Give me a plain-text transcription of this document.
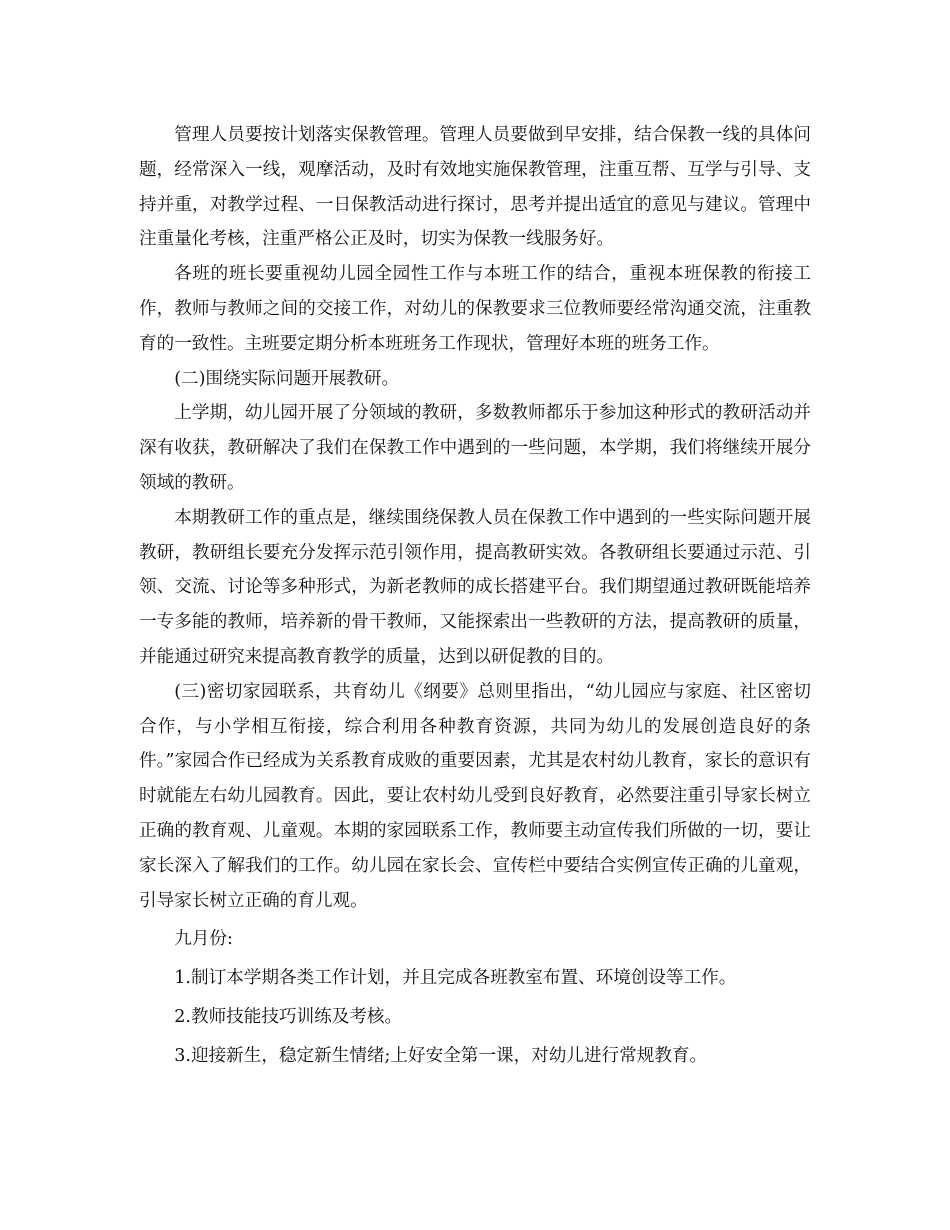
管理人员要按计划落实保教管理。管理人员要做到早安排，结合保教一线的具体问题，经常深入一线，观摩活动，及时有效地实施保教管理，注重互帮、互学与引导、支持并重，对教学过程、一日保教活动进行探讨，思考并提出适宜的意见与建议。管理中注重量化考核，注重严格公正及时，切实为保教一线服务好。

各班的班长要重视幼儿园全园性工作与本班工作的结合，重视本班保教的衔接工作，教师与教师之间的交接工作，对幼儿的保教要求三位教师要经常沟通交流，注重教育的一致性。主班要定期分析本班班务工作现状，管理好本班的班务工作。

(二)围绕实际问题开展教研。

上学期，幼儿园开展了分领域的教研，多数教师都乐于参加这种形式的教研活动并深有收获，教研解决了我们在保教工作中遇到的一些问题，本学期，我们将继续开展分领域的教研。

本期教研工作的重点是，继续围绕保教人员在保教工作中遇到的一些实际问题开展教研，教研组长要充分发挥示范引领作用，提高教研实效。各教研组长要通过示范、引领、交流、讨论等多种形式，为新老教师的成长搭建平台。我们期望通过教研既能培养一专多能的教师，培养新的骨干教师，又能探索出一些教研的方法，提高教研的质量，并能通过研究来提高教育教学的质量，达到以研促教的目的。

(三)密切家园联系，共育幼儿《纲要》总则里指出，“幼儿园应与家庭、社区密切合作，与小学相互衔接，综合利用各种教育资源，共同为幼儿的发展创造良好的条件。”家园合作已经成为关系教育成败的重要因素，尤其是农村幼儿教育，家长的意识有时就能左右幼儿园教育。因此，要让农村幼儿受到良好教育，必然要注重引导家长树立正确的教育观、儿童观。本期的家园联系工作，教师要主动宣传我们所做的一切，要让家长深入了解我们的工作。幼儿园在家长会、宣传栏中要结合实例宣传正确的儿童观，引导家长树立正确的育儿观。

九月份:

1.制订本学期各类工作计划，并且完成各班教室布置、环境创设等工作。

2.教师技能技巧训练及考核。

3.迎接新生，稳定新生情绪;上好安全第一课，对幼儿进行常规教育。
